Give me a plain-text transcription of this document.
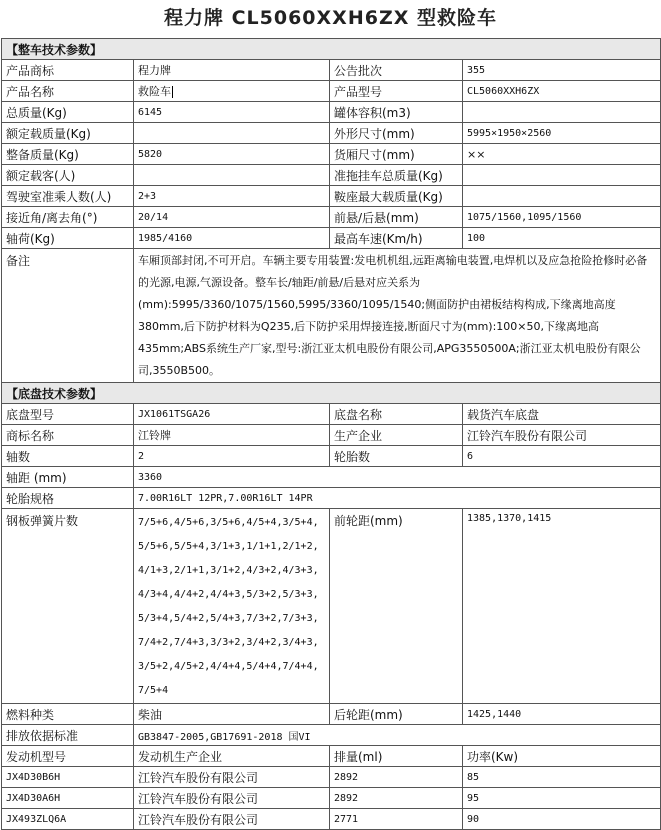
程力牌 CL5060XXH6ZX 型救险车
【整车技术参数】			
产品商标	程力牌	公告批次	355
产品名称	救险车	产品型号	CL5060XXH6ZX
总质量(Kg)	6145	罐体容积(m3)	
额定载质量(Kg)		外形尺寸(mm)	5995×1950×2560
整备质量(Kg)	5820	货厢尺寸(mm)	××
额定载客(人)		准拖挂车总质量(Kg)	
驾驶室准乘人数(人)	2+3	鞍座最大载质量(Kg)	
接近角/离去角(°)	20/14	前悬/后悬(mm)	1075/1560,1095/1560
轴荷(Kg)	1985/4160	最高车速(Km/h)	100
备注	车厢顶部封闭,不可开启。车辆主要专用装置:发电机机组,远距离输电装置,电焊机以及应急抢险抢修时必备的光源,电源,气源设备。整车长/轴距/前悬/后悬对应关系为(mm):5995/3360/1075/1560,5995/3360/1095/1540;侧面防护由裙板结构构成,下缘离地高度380mm,后下防护材料为Q235,后下防护采用焊接连接,断面尺寸为(mm):100×50,下缘离地高435mm;ABS系统生产厂家,型号:浙江亚太机电股份有限公司,APG3550500A;浙江亚太机电股份有限公司,3550B500。		
【底盘技术参数】			
底盘型号	JX1061TSGA26	底盘名称	载货汽车底盘
商标名称	江铃牌	生产企业	江铃汽车股份有限公司
轴数	2	轮胎数	6
轴距 (mm)	3360		
轮胎规格	7.00R16LT 12PR,7.00R16LT 14PR		
钢板弹簧片数	7/5+6,4/5+6,3/5+6,4/5+4,3/5+4,5/5+6,5/5+4,3/1+3,1/1+1,2/1+2,4/1+3,2/1+1,3/1+2,4/3+2,4/3+3,4/3+4,4/4+2,4/4+3,5/3+2,5/3+3,5/3+4,5/4+2,5/4+3,7/3+2,7/3+3,7/4+2,7/4+3,3/3+2,3/4+2,3/4+3,3/5+2,4/5+2,4/4+4,5/4+4,7/4+4,7/5+4	前轮距(mm)	1385,1370,1415
燃料种类	柴油	后轮距(mm)	1425,1440
排放依据标准	GB3847-2005,GB17691-2018 国VI		
发动机型号	发动机生产企业	排量(ml)	功率(Kw)
JX4D30B6H	江铃汽车股份有限公司	2892	85
JX4D30A6H	江铃汽车股份有限公司	2892	95
JX493ZLQ6A	江铃汽车股份有限公司	2771	90
